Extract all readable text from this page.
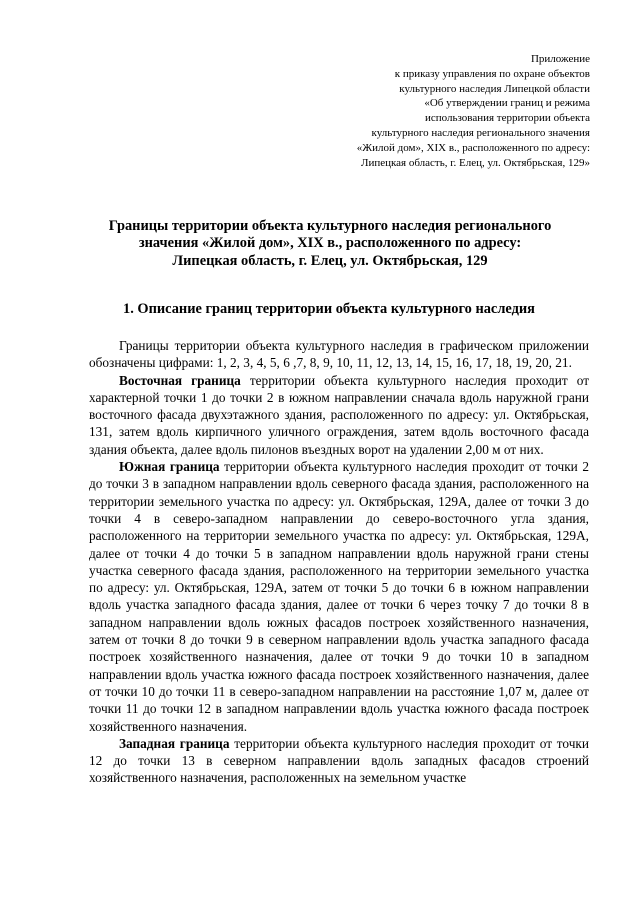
Приложение
к приказу управления по охране объектов
культурного наследия Липецкой области
«Об утверждении границ и режима
использования территории объекта
культурного наследия регионального значения
«Жилой дом», XIX в., расположенного по адресу:
Липецкая область, г. Елец, ул. Октябрьская, 129»
Границы территории объекта культурного наследия регионального
значения «Жилой дом», XIX в., расположенного по адресу:
Липецкая область, г. Елец, ул. Октябрьская, 129
1. Описание границ территории объекта культурного наследия

Границы территории объекта культурного наследия в графическом приложении обозначены цифрами: 1, 2, 3, 4, 5, 6 ,7, 8, 9, 10, 11, 12, 13, 14, 15, 16, 17, 18, 19, 20, 21.

Восточная граница территории объекта культурного наследия проходит от характерной точки 1 до точки 2 в южном направлении сначала вдоль наружной грани восточного фасада двухэтажного здания, расположенного по адресу: ул. Октябрьская, 131, затем вдоль кирпичного уличного ограждения, затем вдоль восточного фасада здания объекта, далее вдоль пилонов въездных ворот на удалении 2,00 м от них.

Южная граница территории объекта культурного наследия проходит от точки 2 до точки 3 в западном направлении вдоль северного фасада здания, расположенного на территории земельного участка по адресу: ул. Октябрьская, 129А, далее от точки 3 до точки 4 в северо-западном направлении до северо-восточного угла здания, расположенного на территории земельного участка по адресу: ул. Октябрьская, 129А, далее от точки 4 до точки 5 в западном направлении вдоль наружной грани стены участка северного фасада здания, расположенного на территории земельного участка по адресу: ул. Октябрьская, 129А, затем от точки 5 до точки 6 в южном направлении вдоль участка западного фасада здания, далее от точки 6 через точку 7 до точки 8 в западном направлении вдоль южных фасадов построек хозяйственного назначения, затем от точки 8 до точки 9 в северном направлении вдоль участка западного фасада построек хозяйственного назначения, далее от точки 9 до точки 10 в западном направлении вдоль участка южного фасада построек хозяйственного назначения, далее от точки 10 до точки 11 в северо-западном направлении на расстояние 1,07 м, далее от точки 11 до точки 12 в западном направлении вдоль участка южного фасада построек хозяйственного назначения.

Западная граница территории объекта культурного наследия проходит от точки 12 до точки 13 в северном направлении вдоль западных фасадов строений хозяйственного назначения, расположенных на земельном участке
